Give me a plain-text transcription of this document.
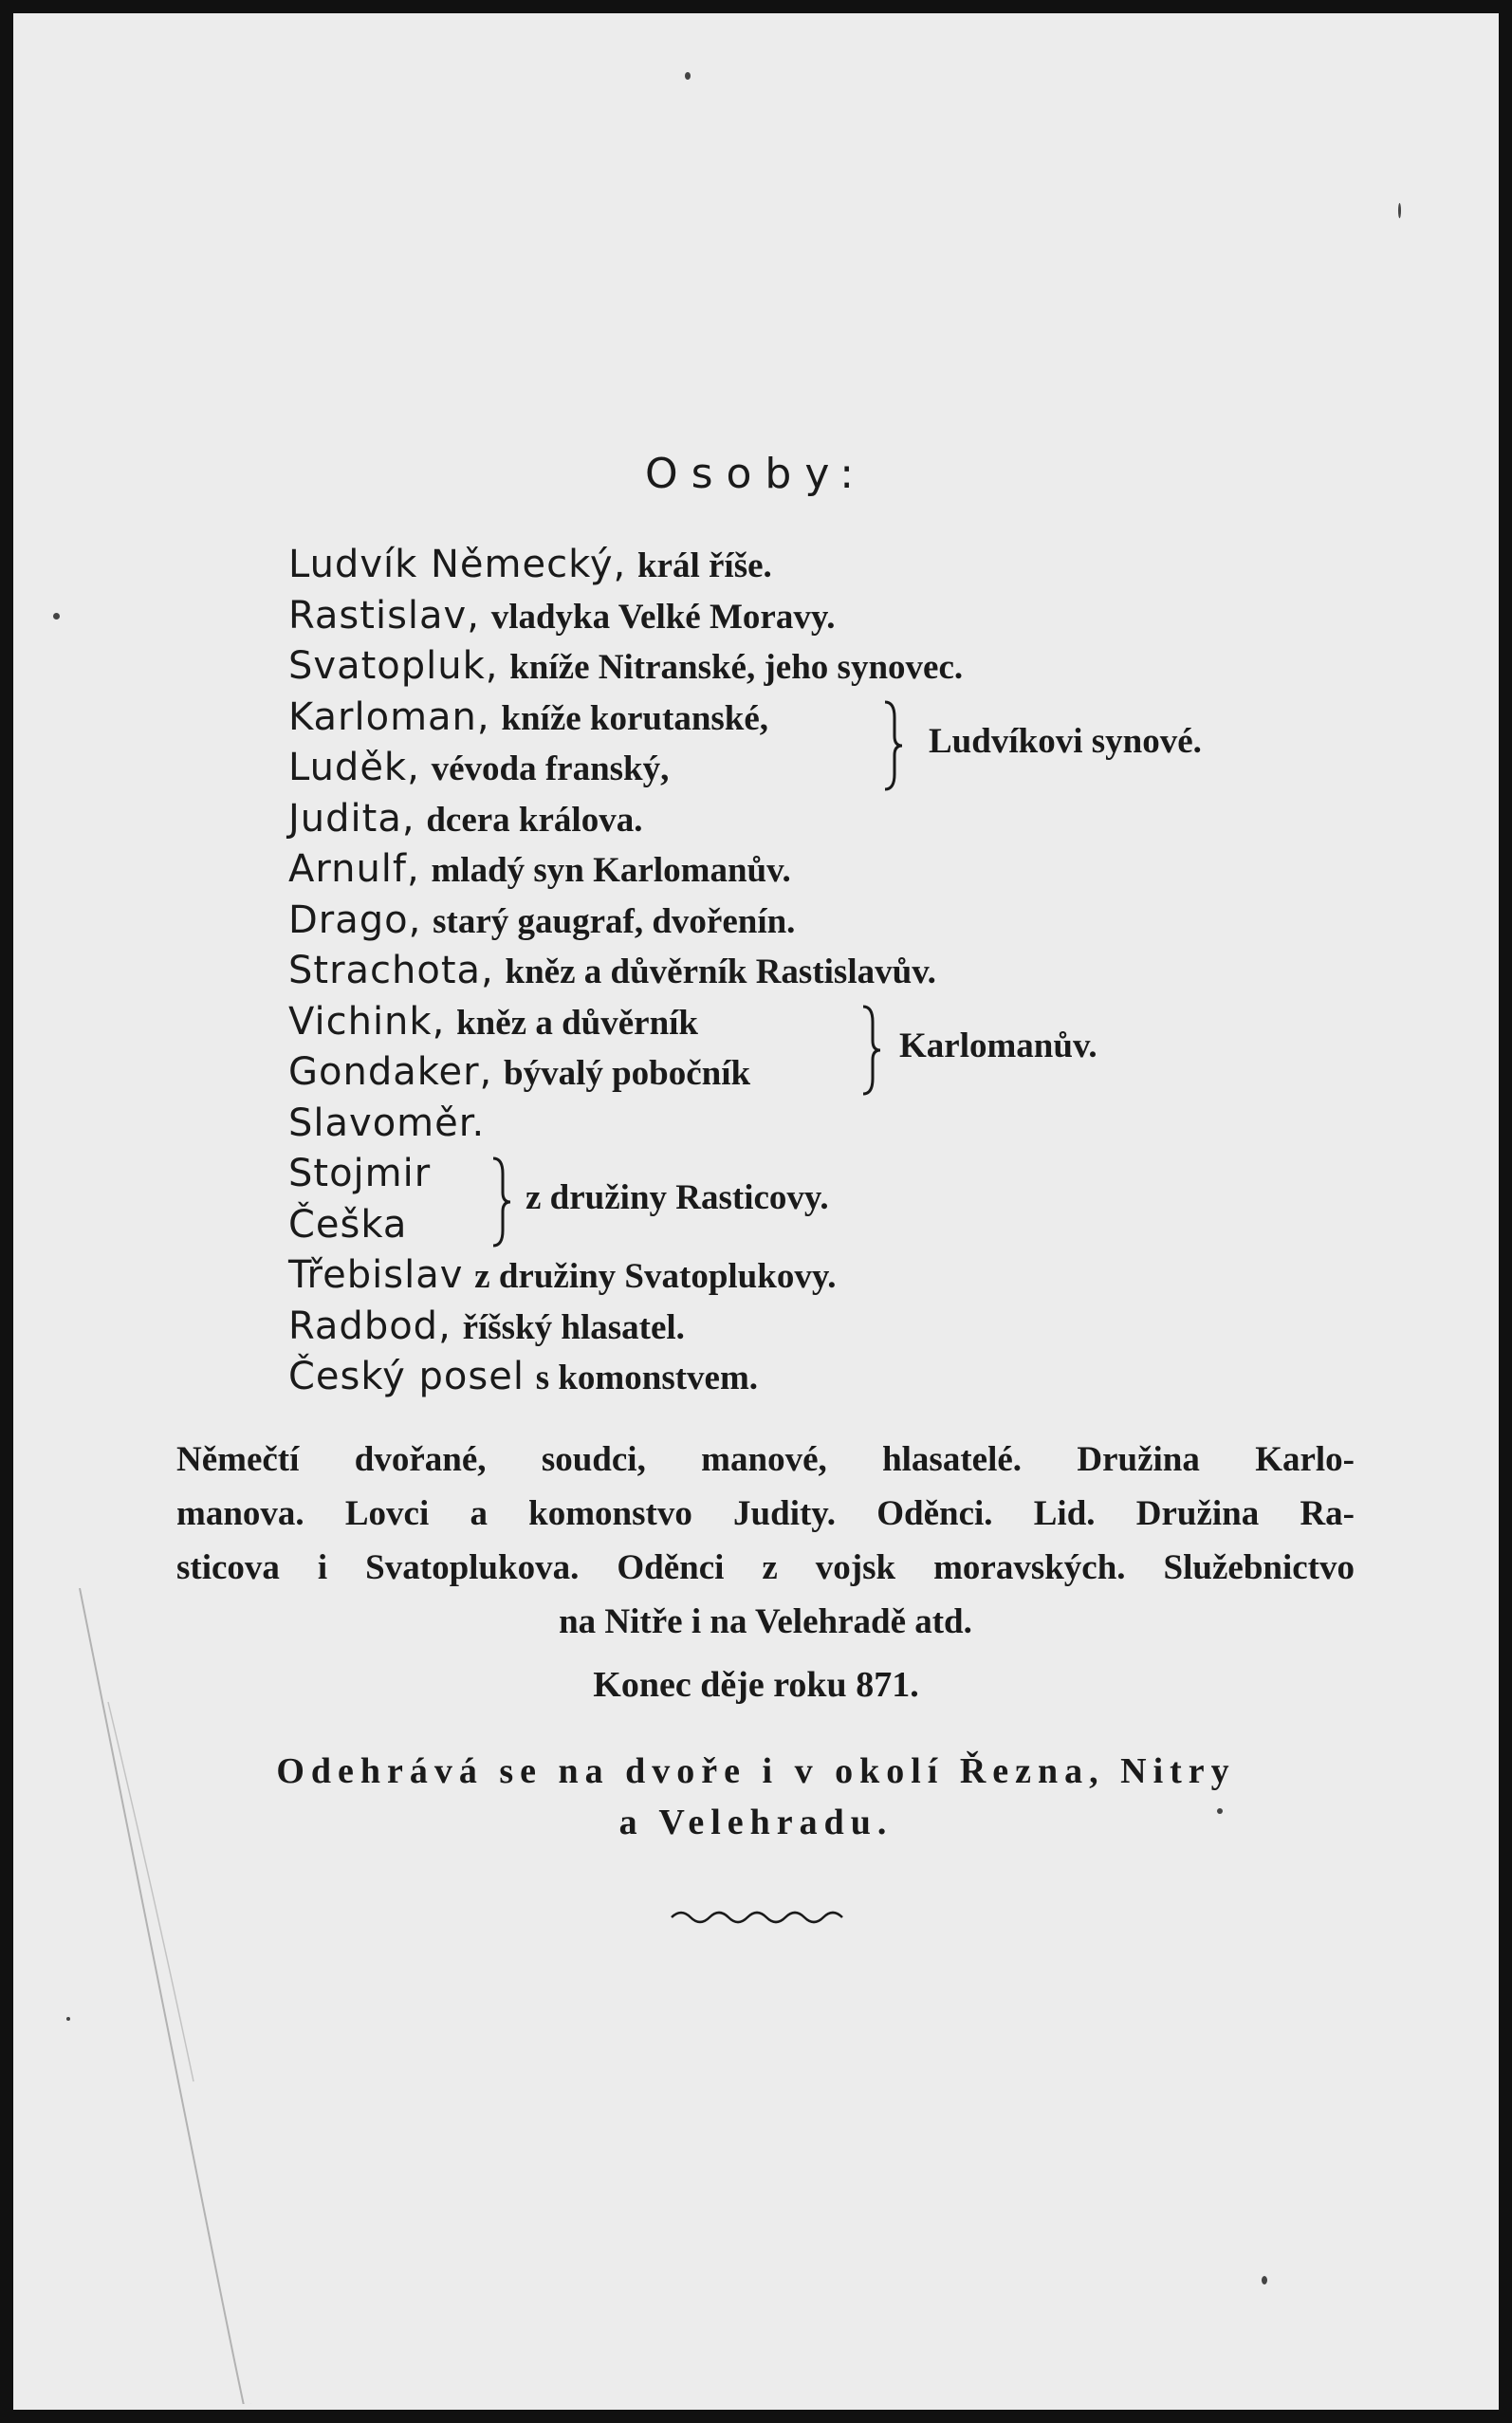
Osoby:
Ludvík Německý, král říše.
Rastislav, vladyka Velké Moravy.
Svatopluk, kníže Nitranské, jeho synovec.
Karloman, kníže korutanské,
Luděk, vévoda franský,
Ludvíkovi synové.
Judita, dcera králova.
Arnulf, mladý syn Karlomanův.
Drago, starý gaugraf, dvořenín.
Strachota, kněz a důvěrník Rastislavův.
Vichink, kněz a důvěrník
Gondaker, bývalý pobočník
Karlomanův.
Slavoměr.
Stojmir
Češka
z družiny Rasticovy.
Třebislav z družiny Svatoplukovy.
Radbod, říšský hlasatel.
Český posel s komonstvem.
Němečtí dvořané, soudci, manové, hlasatelé. Družina Karlo-
manova. Lovci a komonstvo Judity. Oděnci. Lid. Družina Ra-
sticova i Svatoplukova. Oděnci z vojsk moravských. Služebnictvo
na Nitře i na Velehradě atd.
Konec děje roku 871.
Odehrává se na dvoře i v okolí Řezna, Nitry
a Velehradu.
